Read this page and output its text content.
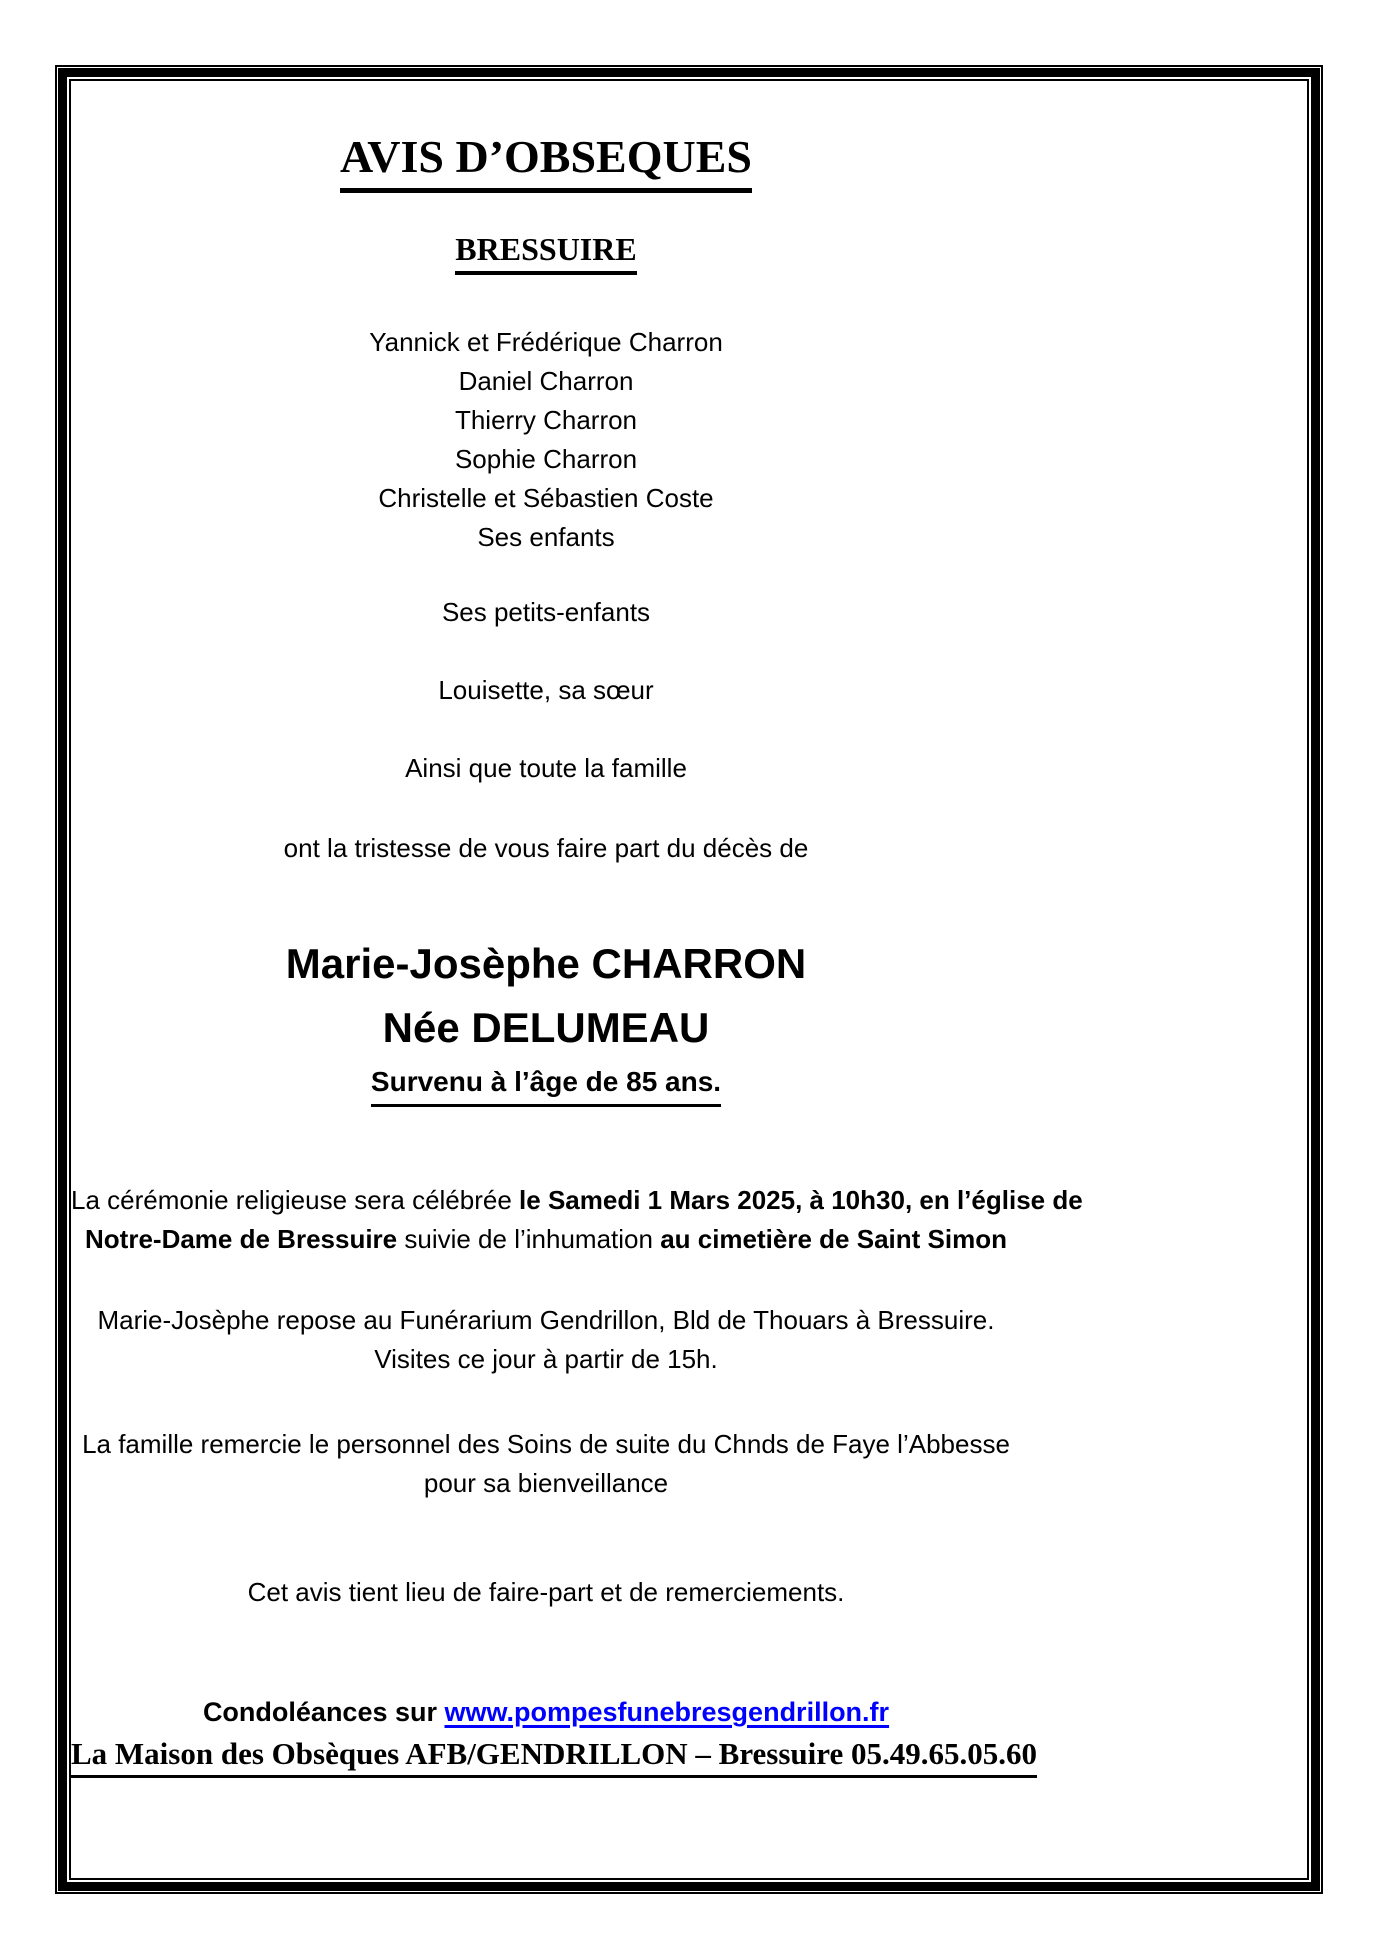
AVIS D’OBSEQUES
BRESSUIRE
Yannick et Frédérique Charron
Daniel Charron
Thierry Charron
Sophie Charron
Christelle et Sébastien Coste
Ses enfants
Ses petits-enfants
Louisette, sa sœur
Ainsi que toute la famille
ont la tristesse de vous faire part du décès de
Marie-Josèphe CHARRON
Née DELUMEAU
Survenu à l’âge de 85 ans.
La cérémonie religieuse sera célébrée le Samedi 1 Mars 2025, à 10h30, en l’église de
Notre-Dame de Bressuire suivie de l’inhumation au cimetière de Saint Simon
Marie-Josèphe repose au Funérarium Gendrillon, Bld de Thouars à Bressuire.
Visites ce jour à partir de 15h.
La famille remercie le personnel des Soins de suite du Chnds de Faye l’Abbesse
pour sa bienveillance
Cet avis tient lieu de faire-part et de remerciements.
Condoléances sur www.pompesfunebresgendrillon.fr
La Maison des Obsèques AFB/GENDRILLON – Bressuire 05.49.65.05.60
